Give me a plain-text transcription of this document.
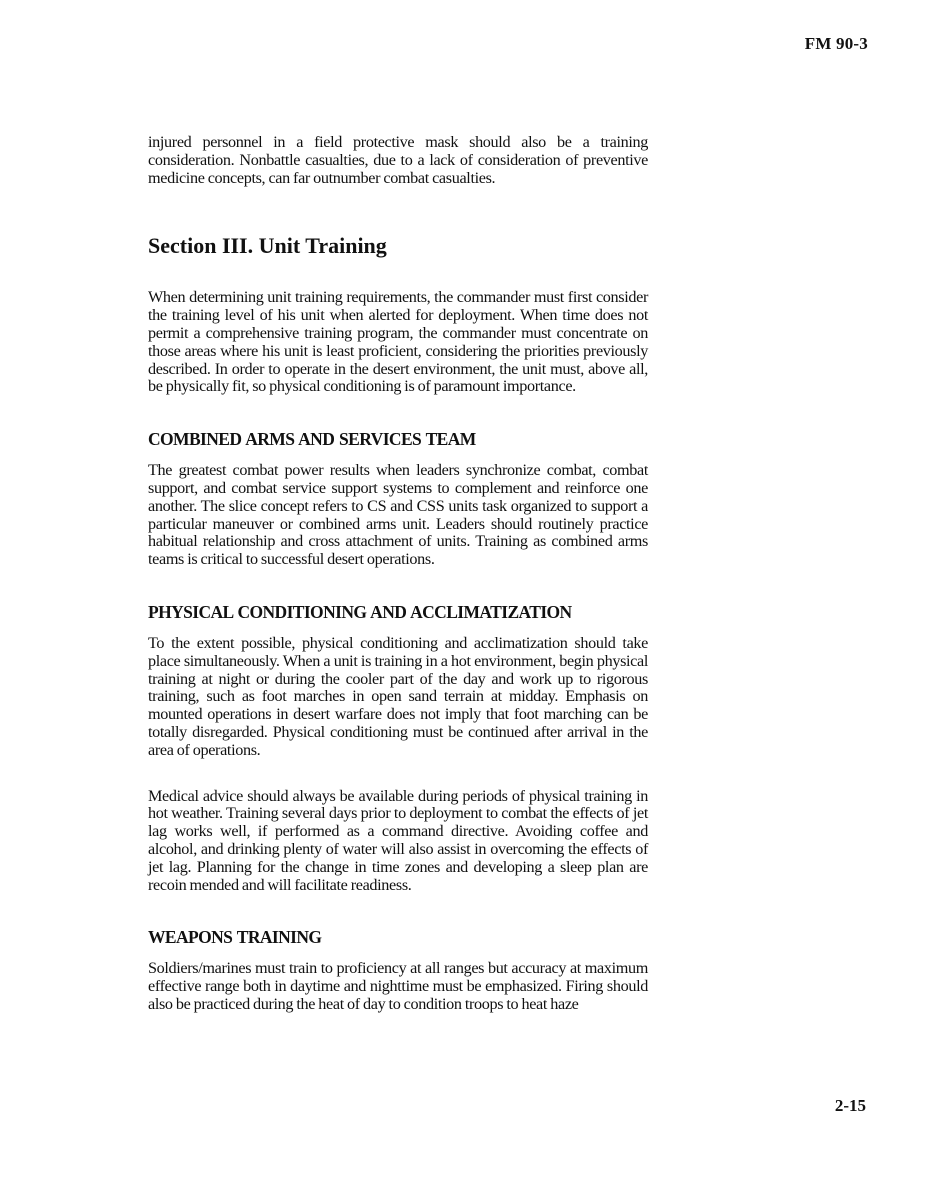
FM 90-3

injured personnel in a field protective mask should also be a training consideration. Nonbattle casualties, due to a lack of consideration of preventive medicine concepts, can far outnumber combat casualties.

Section III. Unit Training

When determining unit training requirements, the commander must first consider the training level of his unit when alerted for deployment. When time does not permit a comprehensive training program, the commander must concentrate on those areas where his unit is least proficient, considering the priorities previously described. In order to operate in the desert environment, the unit must, above all, be physically fit, so physical conditioning is of paramount importance.

COMBINED ARMS AND SERVICES TEAM

The greatest combat power results when leaders synchronize combat, combat support, and combat service support systems to complement and reinforce one another. The slice concept refers to CS and CSS units task organized to support a particular maneuver or combined arms unit. Leaders should routinely practice habitual relationship and cross attachment of units. Training as combined arms teams is critical to successful desert operations.

PHYSICAL CONDITIONING AND ACCLIMATIZATION

To the extent possible, physical conditioning and acclimatization should take place simultaneously. When a unit is training in a hot environment, begin physical training at night or during the cooler part of the day and work up to rigorous training, such as foot marches in open sand terrain at midday. Emphasis on mounted operations in desert warfare does not imply that foot marching can be totally disregarded. Physical conditioning must be continued after arrival in the area of operations.

Medical advice should always be available during periods of physical training in hot weather. Training several days prior to deployment to combat the effects of jet lag works well, if performed as a command directive. Avoiding coffee and alcohol, and drinking plenty of water will also assist in overcoming the effects of jet lag. Planning for the change in time zones and developing a sleep plan are recoin mended and will facilitate readiness.

WEAPONS TRAINING

Soldiers/marines must train to proficiency at all ranges but accuracy at maximum effective range both in daytime and nighttime must be emphasized. Firing should also be practiced during the heat of day to condition troops to heat haze

2-15
